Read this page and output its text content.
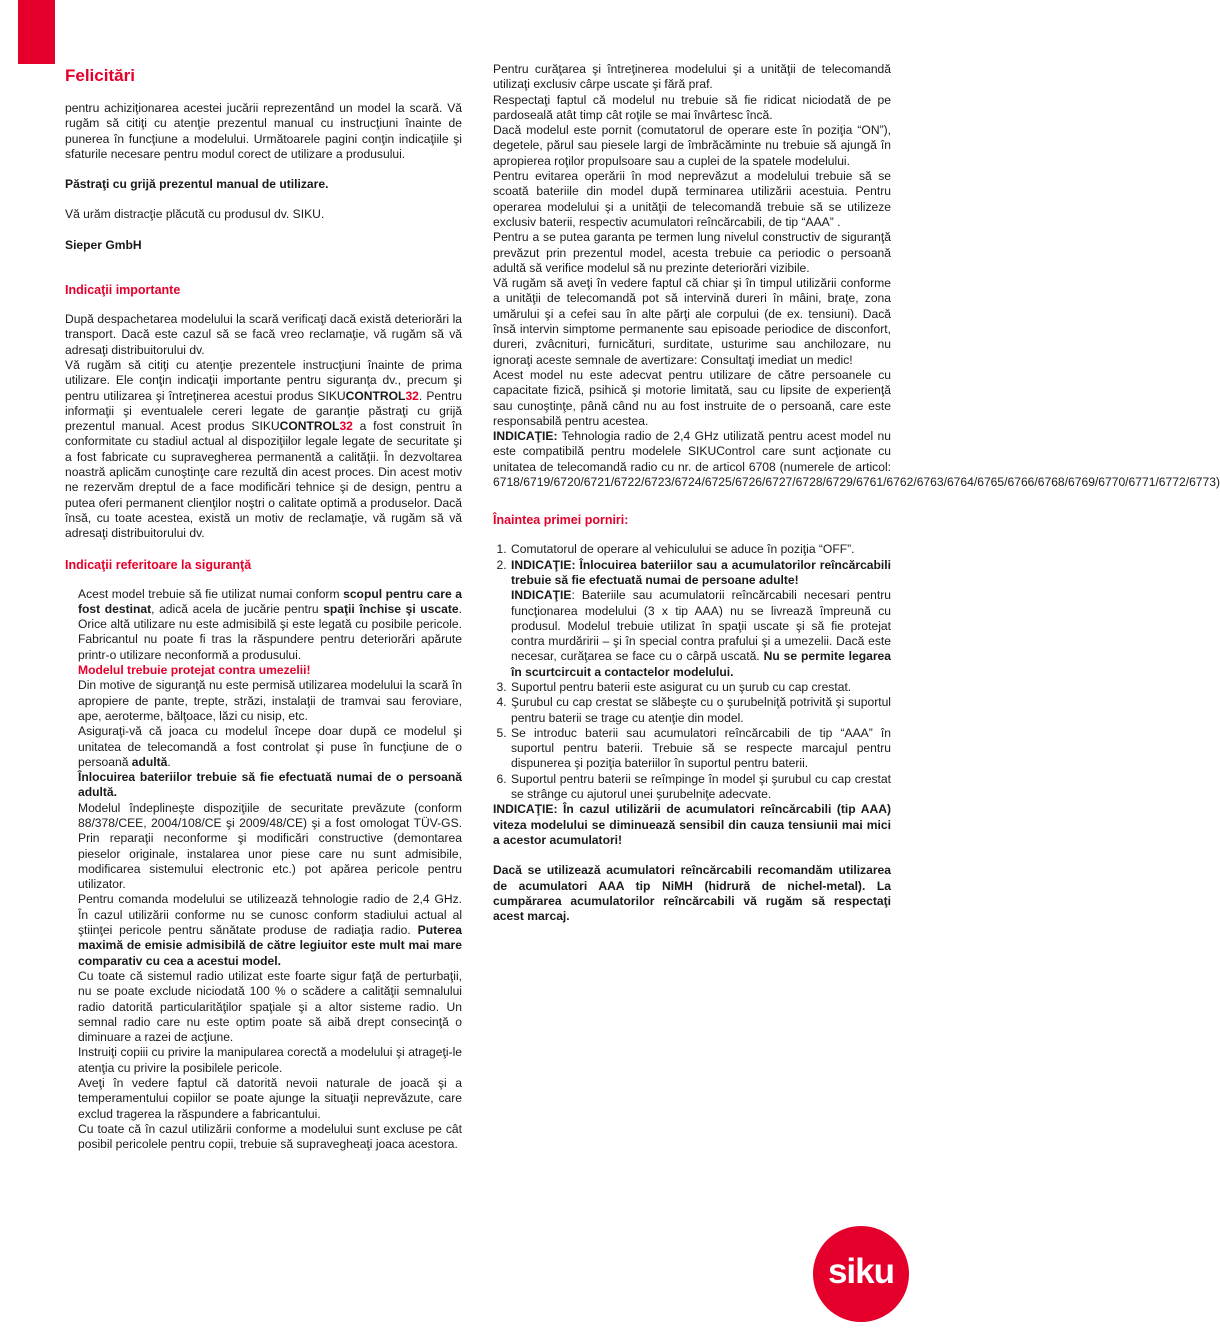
Felicitări

pentru achiziţionarea acestei jucării reprezentând un model la scară. Vă rugăm să citiţi cu atenţie prezentul manual cu instrucţiuni înainte de punerea în funcţiune a modelului. Următoarele pagini conţin indicaţiile şi sfaturile necesare pentru modul corect de utilizare a produsului.

Păstraţi cu grijă prezentul manual de utilizare.

Vă urăm distracţie plăcută cu produsul dv. SIKU.

Sieper GmbH

Indicaţii importante

După despachetarea modelului la scară verificaţi dacă există deteriorări la transport. Dacă este cazul să se facă vreo reclamaţie, vă rugăm să vă adresaţi distribuitorului dv.

Vă rugăm să citiţi cu atenţie prezentele instrucţiuni înainte de prima utilizare. Ele conţin indicaţii importante pentru siguranţa dv., precum şi pentru utilizarea şi întreţinerea acestui produs SIKUCONTROL32. Pentru informaţii şi eventualele cereri legate de garanţie păstraţi cu grijă prezentul manual. Acest produs SIKUCONTROL32 a fost construit în conformitate cu stadiul actual al dispoziţiilor legale legate de securitate şi a fost fabricate cu supravegherea permanentă a calităţii. În dezvoltarea noastră aplicăm cunoştinţe care rezultă din acest proces. Din acest motiv ne rezervăm dreptul de a face modificări tehnice şi de design, pentru a putea oferi permanent clienţilor noştri o calitate optimă a produselor. Dacă însă, cu toate acestea, există un motiv de reclamaţie, vă rugăm să vă adresaţi distribuitorului dv.

Indicaţii referitoare la siguranţă

Acest model trebuie să fie utilizat numai conform scopul pentru care a fost destinat, adică acela de jucărie pentru spaţii închise şi uscate. Orice altă utilizare nu este admisibilă şi este legată cu posibile pericole. Fabricantul nu poate fi tras la răspundere pentru deteriorări apărute printr-o utilizare neconformă a produsului.

Modelul trebuie protejat contra umezelii!

Din motive de siguranţă nu este permisă utilizarea modelului la scară în apropiere de pante, trepte, străzi, instalaţii de tramvai sau feroviare, ape, aeroterme, bălţoace, lăzi cu nisip, etc.

Asiguraţi-vă că joaca cu modelul începe doar după ce modelul şi unitatea de telecomandă a fost controlat şi puse în funcţiune de o persoană adultă.

Înlocuirea bateriilor trebuie să fie efectuată numai de o persoană adultă.

Modelul îndeplineşte dispoziţiile de securitate prevăzute (conform 88/378/CEE, 2004/108/CE şi 2009/48/CE) şi a fost omologat TÜV-GS. Prin reparaţii neconforme şi modificări constructive (demontarea pieselor originale, instalarea unor piese care nu sunt admisibile, modificarea sistemului electronic etc.) pot apărea pericole pentru utilizator.

Pentru comanda modelului se utilizează tehnologie radio de 2,4 GHz. În cazul utilizării conforme nu se cunosc conform stadiului actual al ştiinţei pericole pentru sănătate produse de radiaţia radio. Puterea maximă de emisie admisibilă de către legiuitor este mult mai mare comparativ cu cea a acestui model.

Cu toate că sistemul radio utilizat este foarte sigur faţă de perturbaţii, nu se poate exclude niciodată 100 % o scădere a calităţii semnalului radio datorită particularităţilor spaţiale şi a altor sisteme radio. Un semnal radio care nu este optim poate să aibă drept consecinţă o diminuare a razei de acţiune.

Instruiţi copiii cu privire la manipularea corectă a modelului şi atrageţi-le atenţia cu privire la posibilele pericole.

Aveţi în vedere faptul că datorită nevoii naturale de joacă şi a temperamentului copiilor se poate ajunge la situaţii neprevăzute, care exclud tragerea la răspundere a fabricantului.

Cu toate că în cazul utilizării conforme a modelului sunt excluse pe cât posibil pericolele pentru copii, trebuie să supravegheaţi joaca acestora.

Pentru curăţarea şi întreţinerea modelului şi a unităţii de telecomandă utilizaţi exclusiv cârpe uscate şi fără praf.

Respectaţi faptul că modelul nu trebuie să fie ridicat niciodată de pe pardoseală atât timp cât roţile se mai învârtesc încă.

Dacă modelul este pornit (comutatorul de operare este în poziţia “ON”), degetele, părul sau piesele largi de îmbrăcăminte nu trebuie să ajungă în apropierea roţilor propulsoare sau a cuplei de la spatele modelului.

Pentru evitarea operării în mod neprevăzut a modelului trebuie să se scoată bateriile din model după terminarea utilizării acestuia. Pentru operarea modelului şi a unităţii de telecomandă trebuie să se utilizeze exclusiv baterii, respectiv acumulatori reîncărcabili, de tip “AAA” .

Pentru a se putea garanta pe termen lung nivelul constructiv de siguranţă prevăzut prin prezentul model, acesta trebuie ca periodic o persoană adultă să verifice modelul să nu prezinte deteriorări vizibile.

Vă rugăm să aveţi în vedere faptul că chiar şi în timpul utilizării conforme a unităţii de telecomandă pot să intervină dureri în mâini, braţe, zona umărului şi a cefei sau în alte părţi ale corpului (de ex. tensiuni). Dacă însă intervin simptome permanente sau episoade periodice de disconfort, dureri, zvâcnituri, furnicături, surditate, usturime sau anchilozare, nu ignoraţi aceste semnale de avertizare: Consultaţi imediat un medic!

Acest model nu este adecvat pentru utilizare de către persoanele cu capacitate fizică, psihică şi motorie limitată, sau cu lipsite de experienţă sau cunoştinţe, până când nu au fost instruite de o persoană, care este responsabilă pentru acestea.

INDICAŢIE: Tehnologia radio de 2,4 GHz utilizată pentru acest model nu este compatibilă pentru modelele SIKUControl care sunt acţionate cu unitatea de telecomandă radio cu nr. de articol 6708 (numerele de articol: 6718/6719/6720/6721/6722/6723/6724/6725/6726/6727/6728/6729/6761/6762/6763/6764/6765/6766/6768/6769/6770/6771/6772/6773)

Înaintea primei porniri:
1. Comutatorul de operare al vehiculului se aduce în poziţia “OFF”.
2. INDICAŢIE: Înlocuirea bateriilor sau a acumulatorilor reîncărcabili trebuie să fie efectuată numai de persoane adulte!
INDICAŢIE: Bateriile sau acumulatorii reîncărcabili necesari pentru funcţionarea modelului (3 x tip AAA) nu se livrează împreună cu produsul. Modelul trebuie utilizat în spaţii uscate şi să fie protejat contra murdăririi – şi în special contra prafului şi a umezelii. Dacă este necesar, curăţarea se face cu o cârpă uscată. Nu se permite legarea în scurtcircuit a contactelor modelului.
3. Suportul pentru baterii este asigurat cu un şurub cu cap crestat.
4. Şurubul cu cap crestat se slăbeşte cu o şurubelniţă potrivită şi suportul pentru baterii se trage cu atenţie din model.
5. Se introduc baterii sau acumulatori reîncărcabili de tip “AAA” în suportul pentru baterii. Trebuie să se respecte marcajul pentru dispunerea şi poziţia bateriilor în suportul pentru baterii.
6. Suportul pentru baterii se reîmpinge în model şi şurubul cu cap crestat se strânge cu ajutorul unei şurubelniţe adecvate.

INDICAŢIE: În cazul utilizării de acumulatori reîncărcabili (tip AAA) viteza modelului se diminuează sensibil din cauza tensiunii mai mici a acestor acumulatori!

Dacă se utilizează acumulatori reîncărcabili recomandăm utilizarea de acumulatori AAA tip NiMH (hidrură de nichel-metal). La cumpărarea acumulatorilor reîncărcabili vă rugăm să respectaţi acest marcaj.

siku
